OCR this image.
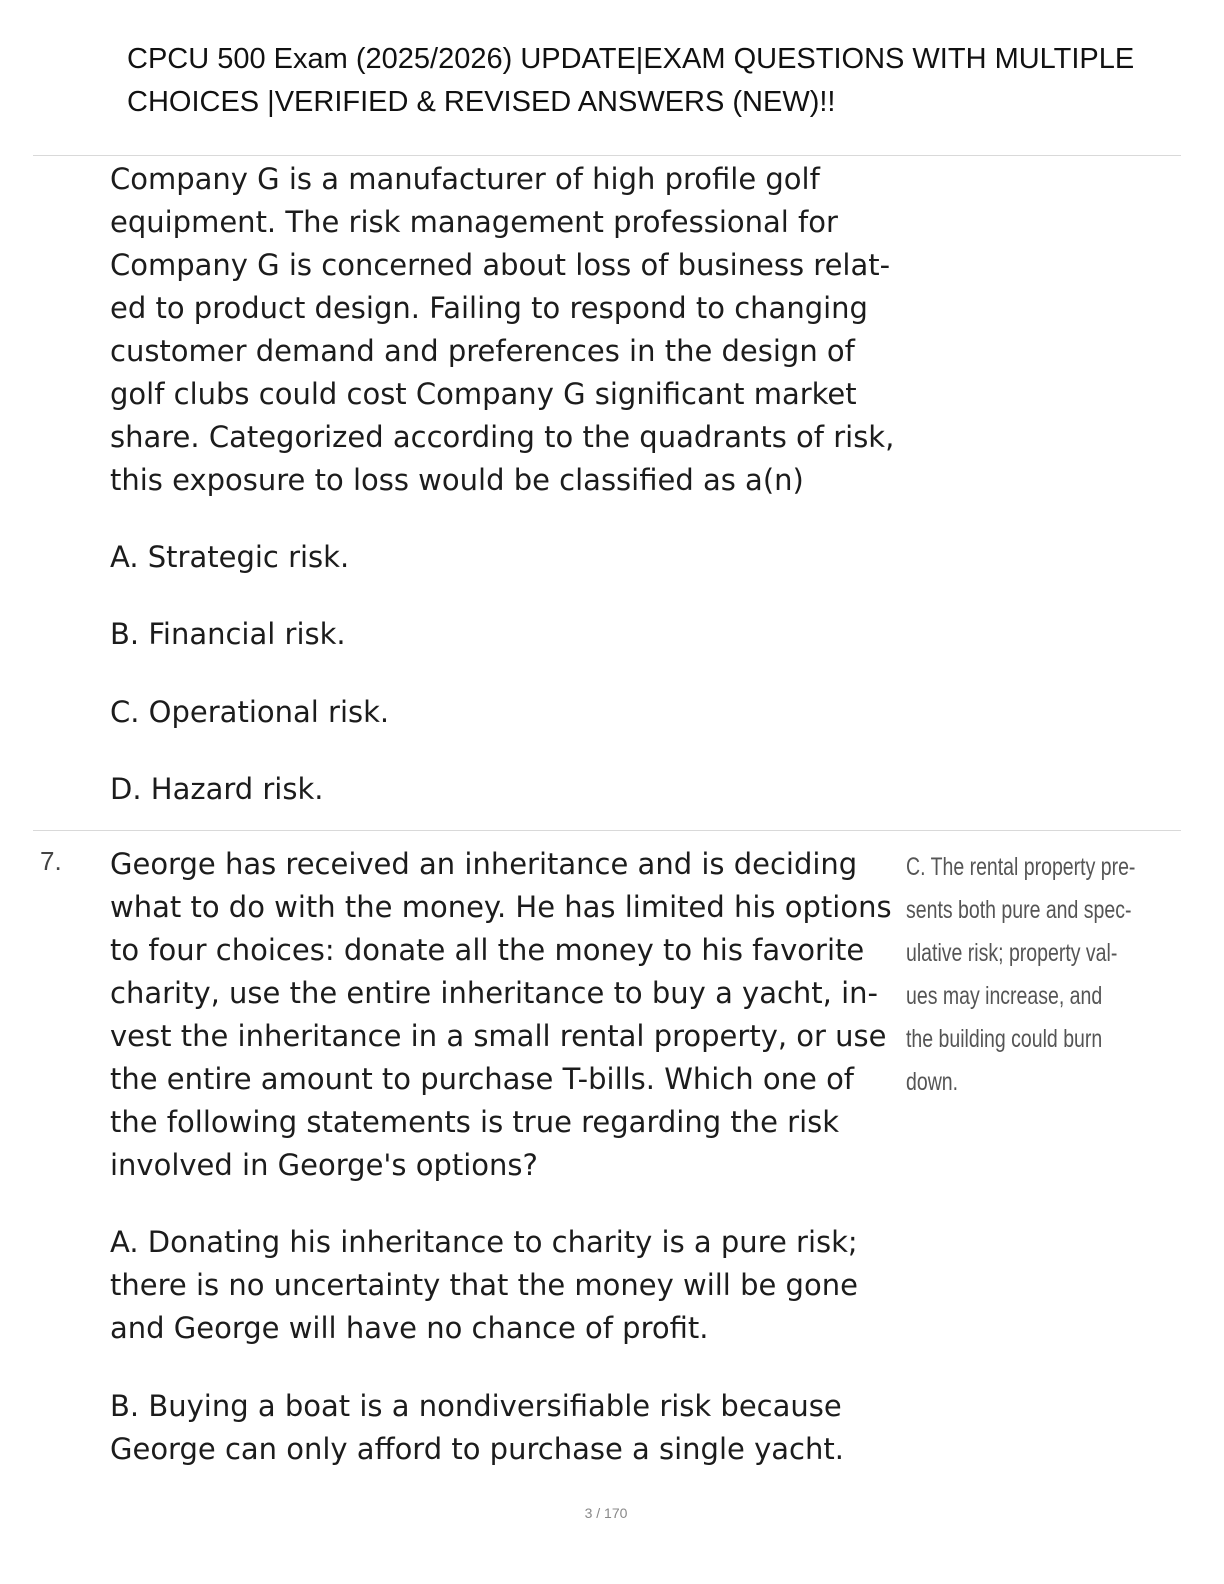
CPCU 500 Exam (2025/2026) UPDATE|EXAM QUESTIONS WITH MULTIPLE
CHOICES |VERIFIED & REVISED ANSWERS (NEW)!!
Company G is a manufacturer of high profile golf
equipment. The risk management professional for
Company G is concerned about loss of business relat-
ed to product design. Failing to respond to changing
customer demand and preferences in the design of
golf clubs could cost Company G significant market
share. Categorized according to the quadrants of risk,
this exposure to loss would be classified as a(n)
A. Strategic risk.
B. Financial risk.
C. Operational risk.
D. Hazard risk.
7. George has received an inheritance and is deciding
what to do with the money. He has limited his options
to four choices: donate all the money to his favorite
charity, use the entire inheritance to buy a yacht, in-
vest the inheritance in a small rental property, or use
the entire amount to purchase T-bills. Which one of
the following statements is true regarding the risk
involved in George's options?
C. The rental property pre-
sents both pure and spec-
ulative risk; property val-
ues may increase, and
the building could burn
down.
A. Donating his inheritance to charity is a pure risk;
there is no uncertainty that the money will be gone
and George will have no chance of profit.
B. Buying a boat is a nondiversifiable risk because
George can only afford to purchase a single yacht.
3 / 170
